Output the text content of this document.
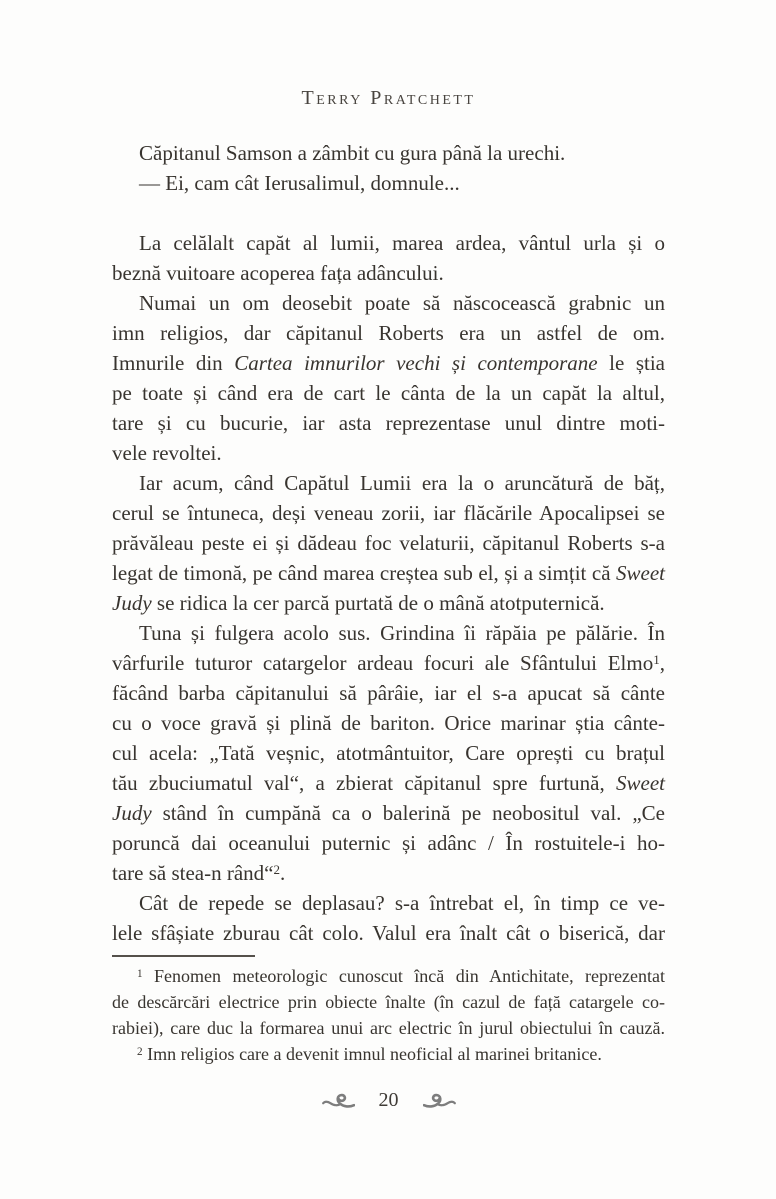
Terry Pratchett
Căpitanul Samson a zâmbit cu gura până la urechi.
— Ei, cam cât Ierusalimul, domnule...
La celălalt capăt al lumii, marea ardea, vântul urla și o
beznă vuitoare acoperea fața adâncului.
Numai un om deosebit poate să născocească grabnic un
imn religios, dar căpitanul Roberts era un astfel de om.
Imnurile din Cartea imnurilor vechi și contemporane le știa
pe toate și când era de cart le cânta de la un capăt la altul,
tare și cu bucurie, iar asta reprezentase unul dintre moti-
vele revoltei.
Iar acum, când Capătul Lumii era la o aruncătură de băț,
cerul se întuneca, deși veneau zorii, iar flăcările Apocalipsei se
prăvăleau peste ei și dădeau foc velaturii, căpitanul Roberts s-a
legat de timonă, pe când marea creștea sub el, și a simțit că Sweet
Judy se ridica la cer parcă purtată de o mână atotputernică.
Tuna și fulgera acolo sus. Grindina îi răpăia pe pălărie. În
vârfurile tuturor catargelor ardeau focuri ale Sfântului Elmo$^1$,
făcând barba căpitanului să pârâie, iar el s-a apucat să cânte
cu o voce gravă și plină de bariton. Orice marinar știa cânte-
cul acela: „Tată veșnic, atotmântuitor, Care oprești cu brațul
tău zbuciumatul val“, a zbierat căpitanul spre furtună, Sweet
Judy stând în cumpănă ca o balerină pe neobositul val. „Ce
poruncă dai oceanului puternic și adânc / În rostuitele-i ho-
tare să stea-n rând“$^2$.
Cât de repede se deplasau? s-a întrebat el, în timp ce ve-
lele sfâșiate zburau cât colo. Valul era înalt cât o biserică, dar
$^1$ Fenomen meteorologic cunoscut încă din Antichitate, reprezentat
de descărcări electrice prin obiecte înalte (în cazul de față catargele co-
rabiei), care duc la formarea unui arc electric în jurul obiectului în cauză.
$^2$ Imn religios care a devenit imnul neoficial al marinei britanice.
20
